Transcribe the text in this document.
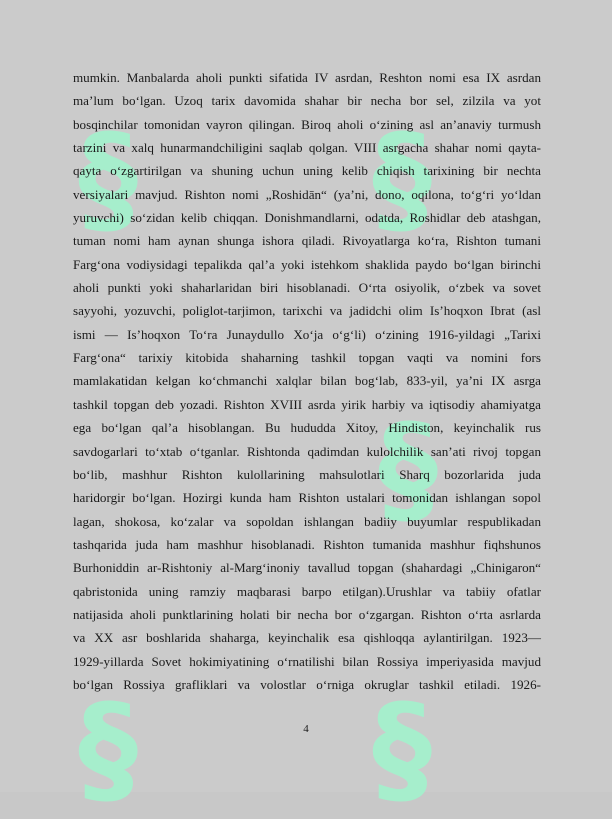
§ §
§
§ §
mumkin. Manbalarda aholi punkti sifatida IV asrdan, Reshton nomi esa IX asrdan
ma’lum bo‘lgan. Uzoq tarix davomida shahar bir necha bor sel, zilzila va yot
bosqinchilar tomonidan vayron qilingan. Biroq aholi o‘zining asl an’anaviy turmush
tarzini va xalq hunarmandchiligini saqlab qolgan. VIII asrgacha shahar nomi qayta-
qayta o‘zgartirilgan va shuning uchun uning kelib chiqish tarixining bir nechta
versiyalari mavjud. Rishton nomi „Roshidān“ (ya’ni, dono, oqilona, to‘g‘ri yo‘ldan
yuruvchi) so‘zidan kelib chiqqan. Donishmandlarni, odatda, Roshidlar deb atashgan,
tuman nomi ham aynan shunga ishora qiladi. Rivoyatlarga ko‘ra, Rishton tumani
Farg‘ona vodiysidagi tepalikda qal’a yoki istehkom shaklida paydo bo‘lgan birinchi
aholi punkti yoki shaharlaridan biri hisoblanadi. O‘rta osiyolik, o‘zbek va sovet
sayyohi, yozuvchi, poliglot-tarjimon, tarixchi va jadidchi olim Is’hoqxon Ibrat (asl
ismi — Is’hoqxon To‘ra Junaydullo Xo‘ja o‘g‘li) o‘zining 1916-yildagi „Tarixi
Farg‘ona“ tarixiy kitobida shaharning tashkil topgan vaqti va nomini fors
mamlakatidan kelgan ko‘chmanchi xalqlar bilan bog‘lab, 833-yil, ya’ni IX asrga
tashkil topgan deb yozadi. Rishton XVIII asrda yirik harbiy va iqtisodiy ahamiyatga
ega bo‘lgan qal’a hisoblangan. Bu hududda Xitoy, Hindiston, keyinchalik rus
savdogarlari to‘xtab o‘tganlar. Rishtonda qadimdan kulolchilik san’ati rivoj topgan
bo‘lib, mashhur Rishton kulollarining mahsulotlari Sharq bozorlarida juda
haridorgir bo‘lgan. Hozirgi kunda ham Rishton ustalari tomonidan ishlangan sopol
lagan, shokosa, ko‘zalar va sopoldan ishlangan badiiy buyumlar respublikadan
tashqarida juda ham mashhur hisoblanadi. Rishton tumanida mashhur fiqhshunos
Burhoniddin ar-Rishtoniy al-Marg‘inoniy tavallud topgan (shahardagi „Chinigaron“
qabristonida uning ramziy maqbarasi barpo etilgan).Urushlar va tabiiy ofatlar
natijasida aholi punktlarining holati bir necha bor o‘zgargan. Rishton o‘rta asrlarda
va XX asr boshlarida shaharga, keyinchalik esa qishloqqa aylantirilgan. 1923—
1929-yillarda Sovet hokimiyatining o‘rnatilishi bilan Rossiya imperiyasida mavjud
bo‘lgan Rossiya grafliklari va volostlar o‘rniga okruglar tashkil etiladi. 1926-
4
